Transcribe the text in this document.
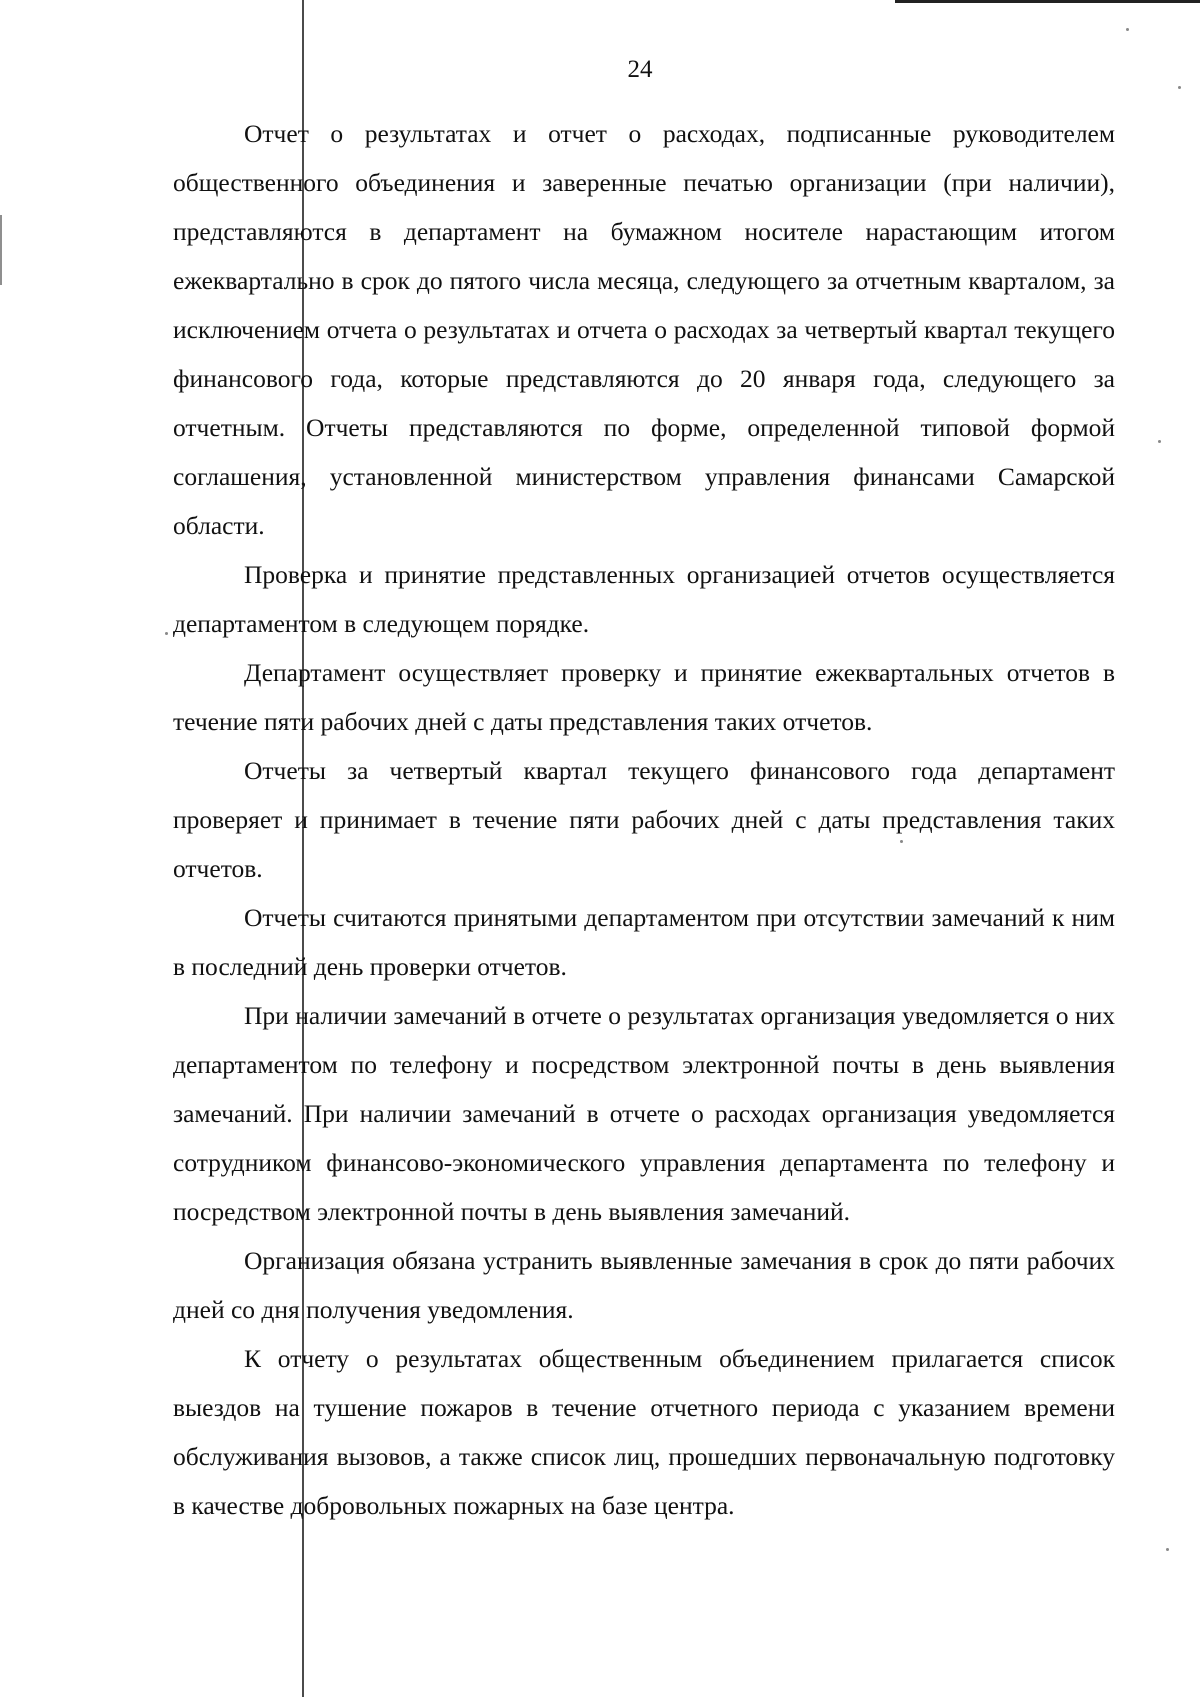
24

Отчет о результатах и отчет о расходах, подписанные руководителем общественного объединения и заверенные печатью организации (при наличии), представляются в департамент на бумажном носителе нарастающим итогом ежеквартально в срок до пятого числа месяца, следующего за отчетным кварталом, за исключением отчета о результатах и отчета о расходах за четвертый квартал текущего финансового года, которые представляются до 20 января года, следующего за отчетным. Отчеты представляются по форме, определенной типовой формой соглашения, установленной министерством управления финансами Самарской области.

Проверка и принятие представленных организацией отчетов осуществляется департаментом в следующем порядке.

Департамент осуществляет проверку и принятие ежеквартальных отчетов в течение пяти рабочих дней с даты представления таких отчетов.

Отчеты за четвертый квартал текущего финансового года департамент проверяет и принимает в течение пяти рабочих дней с даты представления таких отчетов.

Отчеты считаются принятыми департаментом при отсутствии замечаний к ним в последний день проверки отчетов.

При наличии замечаний в отчете о результатах организация уведомляется о них департаментом по телефону и посредством электронной почты в день выявления замечаний. При наличии замечаний в отчете о расходах организация уведомляется сотрудником финансово-экономического управления департамента по телефону и посредством электронной почты в день выявления замечаний.

Организация обязана устранить выявленные замечания в срок до пяти рабочих дней со дня получения уведомления.

К отчету о результатах общественным объединением прилагается список выездов на тушение пожаров в течение отчетного периода с указанием времени обслуживания вызовов, а также список лиц, прошедших первоначальную подготовку в качестве добровольных пожарных на базе центра.
